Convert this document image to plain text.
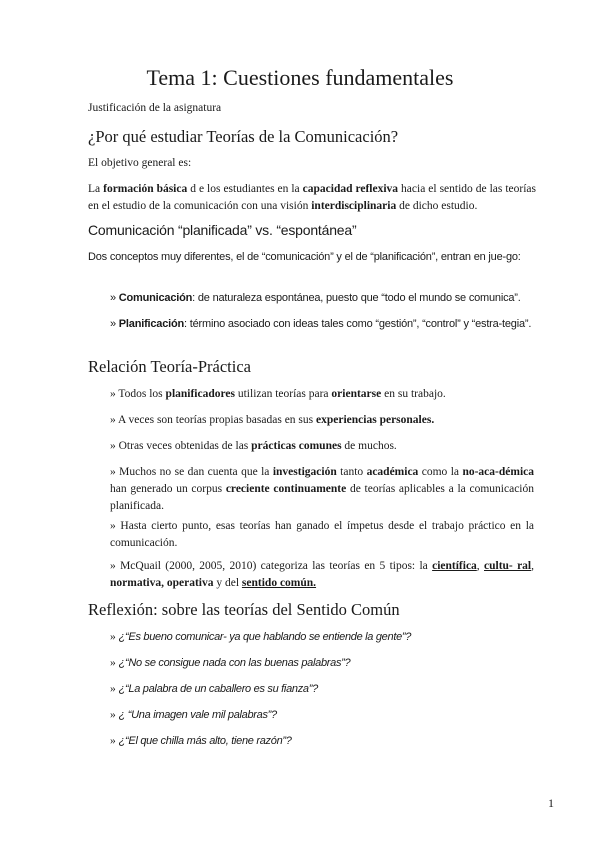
Tema 1: Cuestiones fundamentales
Justificación de la asignatura
¿Por qué estudiar Teorías de la Comunicación?
El objetivo general es:
La formación básica d e los estudiantes en la capacidad reflexiva hacia el sentido de las teorías en el estudio de la comunicación con una visión interdisciplinaria de dicho estudio.
Comunicación “planificada” vs. “espontánea”
Dos conceptos muy diferentes, el de “comunicación” y el de “planificación”, entran en jue-go:
» Comunicación: de naturaleza espontánea, puesto que “todo el mundo se comunica”.
» Planificación: término asociado con ideas tales como “gestión”, “control” y “estra-tegia”.
Relación Teoría-Práctica
» Todos los planificadores utilizan teorías para orientarse en su trabajo.
» A veces son teorías propias basadas en sus experiencias personales.
» Otras veces obtenidas de las prácticas comunes de muchos.
» Muchos no se dan cuenta que la investigación tanto académica como la no-aca-démica han generado un corpus creciente continuamente de teorías aplicables a la comunicación planificada.
» Hasta cierto punto, esas teorías han ganado el ímpetus desde el trabajo práctico en la comunicación.
» McQuail (2000, 2005, 2010) categoriza las teorías en 5 tipos: la científica, cultu- ral, normativa, operativa y del sentido común.
Reflexión: sobre las teorías del Sentido Común
» ¿“Es bueno comunicar- ya que hablando se entiende la gente”?
» ¿“No se consigue nada con las buenas palabras”?
» ¿“La palabra de un caballero es su fianza”?
» ¿ “Una imagen vale mil palabras”?
» ¿“El que chilla más alto, tiene razón”?
1
